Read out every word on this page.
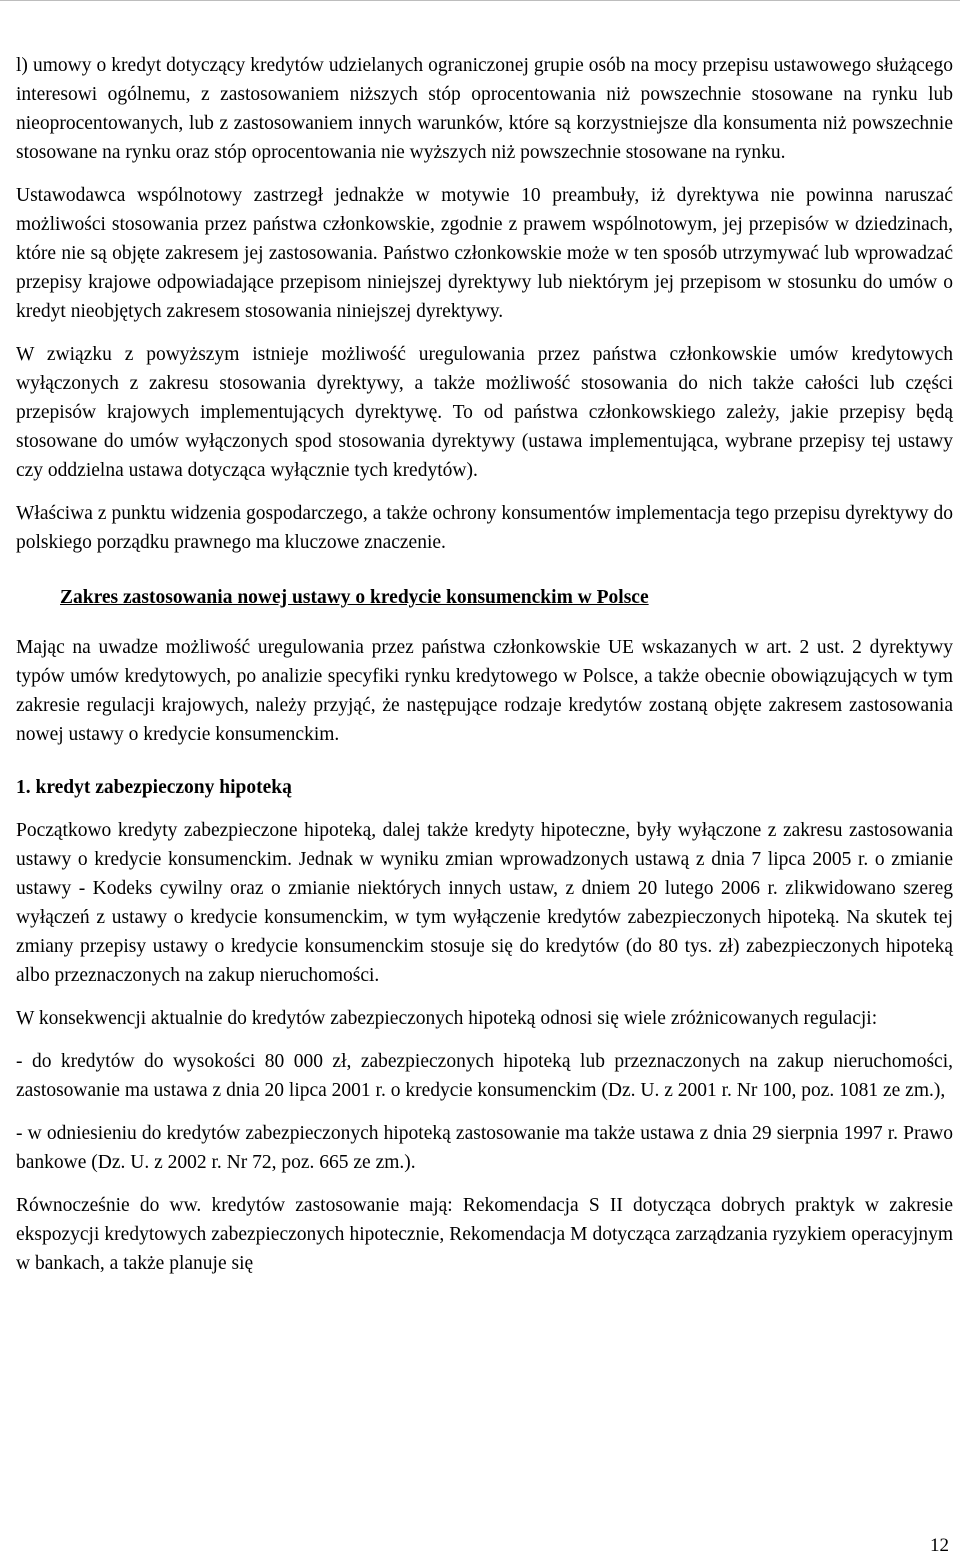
l) umowy o kredyt dotyczący kredytów udzielanych ograniczonej grupie osób na mocy przepisu ustawowego służącego interesowi ogólnemu, z zastosowaniem niższych stóp oprocentowania niż powszechnie stosowane na rynku lub nieoprocentowanych, lub z zastosowaniem innych warunków, które są korzystniejsze dla konsumenta niż powszechnie stosowane na rynku oraz stóp oprocentowania nie wyższych niż powszechnie stosowane na rynku.

Ustawodawca wspólnotowy zastrzegł jednakże w motywie 10 preambuły, iż dyrektywa nie powinna naruszać możliwości stosowania przez państwa członkowskie, zgodnie z prawem wspólnotowym, jej przepisów w dziedzinach, które nie są objęte zakresem jej zastosowania. Państwo członkowskie może w ten sposób utrzymywać lub wprowadzać przepisy krajowe odpowiadające przepisom niniejszej dyrektywy lub niektórym jej przepisom w stosunku do umów o kredyt nieobjętych zakresem stosowania niniejszej dyrektywy.

W związku z powyższym istnieje możliwość uregulowania przez państwa członkowskie umów kredytowych wyłączonych z zakresu stosowania dyrektywy, a także możliwość stosowania do nich także całości lub części przepisów krajowych implementujących dyrektywę. To od państwa członkowskiego zależy, jakie przepisy będą stosowane do umów wyłączonych spod stosowania dyrektywy (ustawa implementująca, wybrane przepisy tej ustawy czy oddzielna ustawa dotycząca wyłącznie tych kredytów).

Właściwa z punktu widzenia gospodarczego, a także ochrony konsumentów implementacja tego przepisu dyrektywy do polskiego porządku prawnego ma kluczowe znaczenie.

Zakres zastosowania nowej ustawy o kredycie konsumenckim w Polsce

Mając na uwadze możliwość uregulowania przez państwa członkowskie UE wskazanych w art. 2 ust. 2 dyrektywy typów umów kredytowych, po analizie specyfiki rynku kredytowego w Polsce, a także obecnie obowiązujących w tym zakresie regulacji krajowych, należy przyjąć, że następujące rodzaje kredytów zostaną objęte zakresem zastosowania nowej ustawy o kredycie konsumenckim.

1. kredyt zabezpieczony hipoteką

Początkowo kredyty zabezpieczone hipoteką, dalej także kredyty hipoteczne, były wyłączone z zakresu zastosowania ustawy o kredycie konsumenckim. Jednak w wyniku zmian wprowadzonych ustawą z dnia 7 lipca 2005 r. o zmianie ustawy - Kodeks cywilny oraz o zmianie niektórych innych ustaw, z dniem 20 lutego 2006 r. zlikwidowano szereg wyłączeń z ustawy o kredycie konsumenckim, w tym wyłączenie kredytów zabezpieczonych hipoteką. Na skutek tej zmiany przepisy ustawy o kredycie konsumenckim stosuje się do kredytów (do 80 tys. zł) zabezpieczonych hipoteką albo przeznaczonych na zakup nieruchomości.

W konsekwencji aktualnie do kredytów zabezpieczonych hipoteką odnosi się wiele zróżnicowanych regulacji:

- do kredytów do wysokości 80 000 zł, zabezpieczonych hipoteką lub przeznaczonych na zakup nieruchomości, zastosowanie ma ustawa z dnia 20 lipca 2001 r. o kredycie konsumenckim (Dz. U. z 2001 r. Nr 100, poz. 1081 ze zm.),

- w odniesieniu do kredytów zabezpieczonych hipoteką zastosowanie ma także ustawa z dnia 29 sierpnia 1997 r. Prawo bankowe (Dz. U. z 2002 r. Nr 72, poz. 665 ze zm.).

Równocześnie do ww. kredytów zastosowanie mają: Rekomendacja S II dotycząca dobrych praktyk w zakresie ekspozycji kredytowych zabezpieczonych hipotecznie, Rekomendacja M dotycząca zarządzania ryzykiem operacyjnym w bankach, a także planuje się

12
